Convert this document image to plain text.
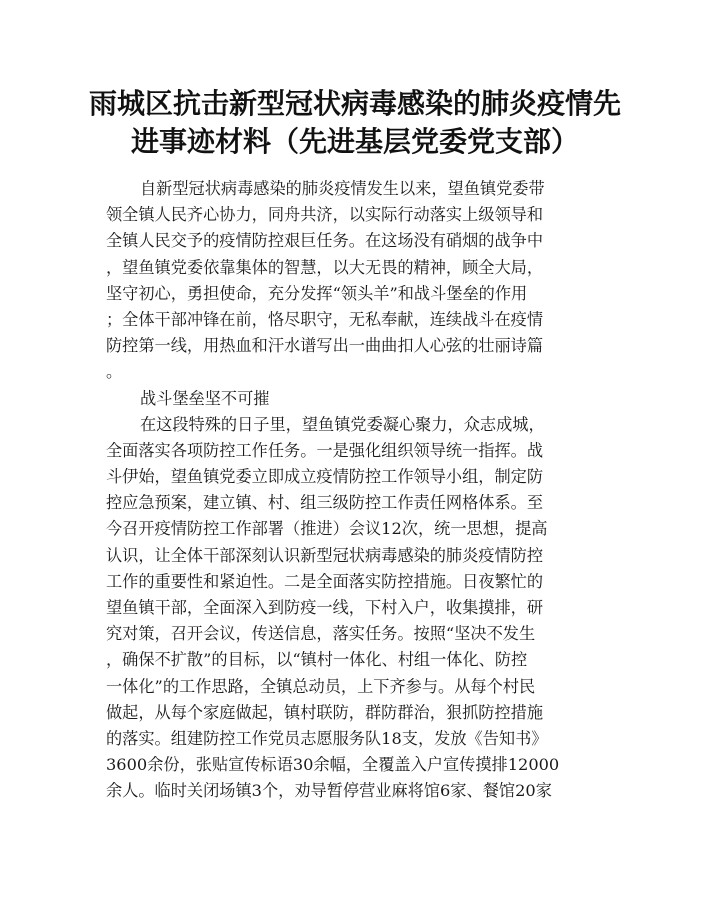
雨城区抗击新型冠状病毒感染的肺炎疫情先
进事迹材料（先进基层党委党支部）
自新型冠状病毒感染的肺炎疫情发生以来，望鱼镇党委带
领全镇人民齐心协力，同舟共济，以实际行动落实上级领导和
全镇人民交予的疫情防控艰巨任务。在这场没有硝烟的战争中
，望鱼镇党委依靠集体的智慧，以大无畏的精神，顾全大局，
坚守初心，勇担使命，充分发挥“领头羊”和战斗堡垒的作用
；全体干部冲锋在前，恪尽职守，无私奉献，连续战斗在疫情
防控第一线，用热血和汗水谱写出一曲曲扣人心弦的壮丽诗篇
。
战斗堡垒坚不可摧
在这段特殊的日子里，望鱼镇党委凝心聚力，众志成城，
全面落实各项防控工作任务。一是强化组织领导统一指挥。战
斗伊始，望鱼镇党委立即成立疫情防控工作领导小组，制定防
控应急预案，建立镇、村、组三级防控工作责任网格体系。至
今召开疫情防控工作部署（推进）会议12次，统一思想，提高
认识，让全体干部深刻认识新型冠状病毒感染的肺炎疫情防控
工作的重要性和紧迫性。二是全面落实防控措施。日夜繁忙的
望鱼镇干部，全面深入到防疫一线，下村入户，收集摸排，研
究对策，召开会议，传送信息，落实任务。按照“坚决不发生
，确保不扩散”的目标，以“镇村一体化、村组一体化、防控
一体化”的工作思路，全镇总动员，上下齐参与。从每个村民
做起，从每个家庭做起，镇村联防，群防群治，狠抓防控措施
的落实。组建防控工作党员志愿服务队18支，发放《告知书》
3600余份，张贴宣传标语30余幅，全覆盖入户宣传摸排12000
余人。临时关闭场镇3个，劝导暂停营业麻将馆6家、餐馆20家
